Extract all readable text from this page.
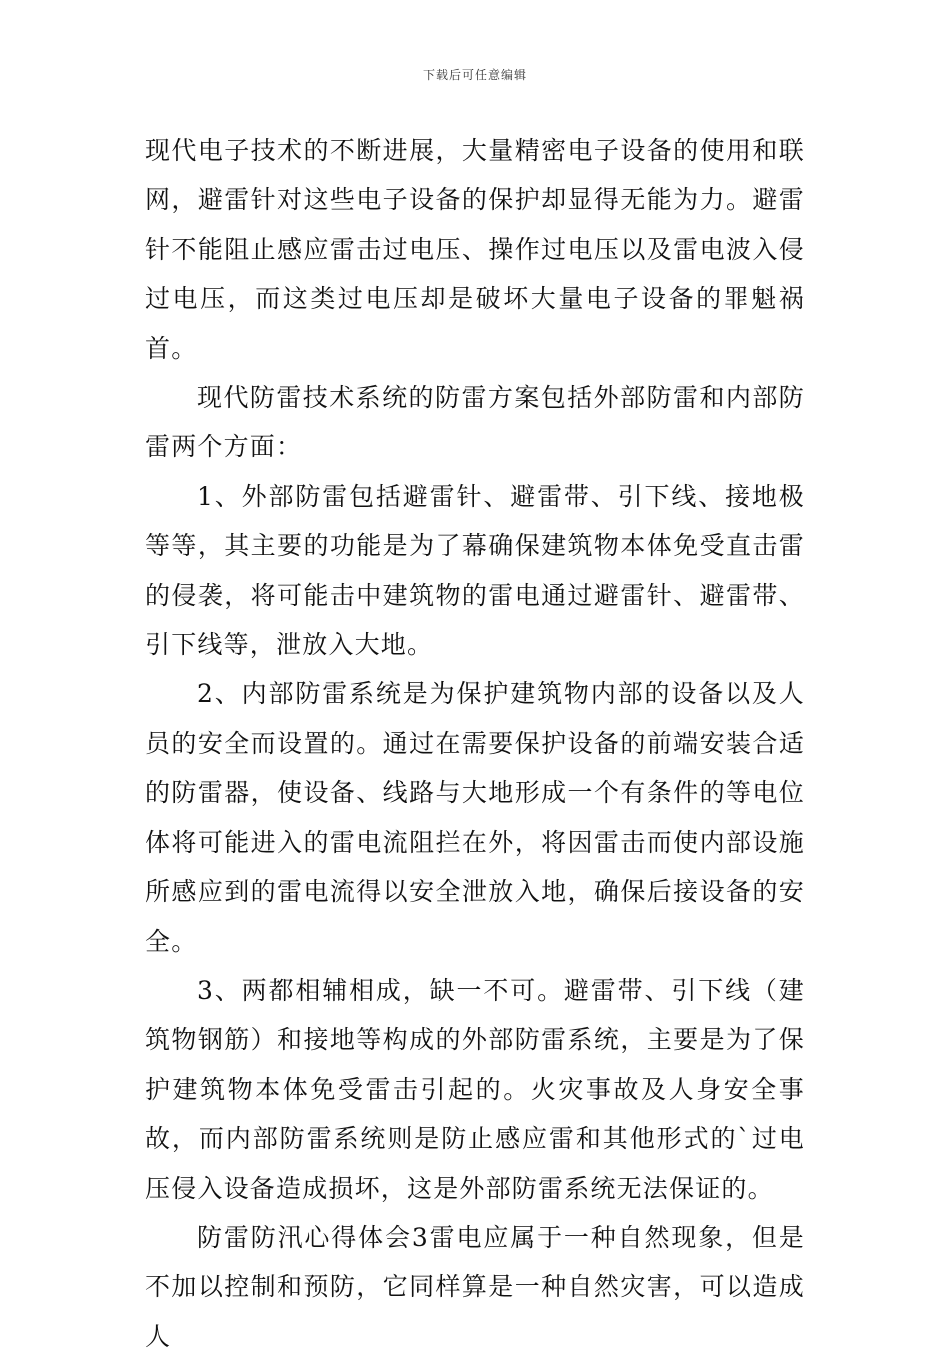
下载后可任意编辑

现代电子技术的不断进展，大量精密电子设备的使用和联网，避雷针对这些电子设备的保护却显得无能为力。避雷针不能阻止感应雷击过电压、操作过电压以及雷电波入侵过电压，而这类过电压却是破坏大量电子设备的罪魁祸首。

现代防雷技术系统的防雷方案包括外部防雷和内部防雷两个方面：

1、外部防雷包括避雷针、避雷带、引下线、接地极等等，其主要的功能是为了幕确保建筑物本体免受直击雷的侵袭，将可能击中建筑物的雷电通过避雷针、避雷带、引下线等，泄放入大地。

2、内部防雷系统是为保护建筑物内部的设备以及人员的安全而设置的。通过在需要保护设备的前端安装合适的防雷器，使设备、线路与大地形成一个有条件的等电位体将可能进入的雷电流阻拦在外，将因雷击而使内部设施所感应到的雷电流得以安全泄放入地，确保后接设备的安全。

3、两都相辅相成，缺一不可。避雷带、引下线（建筑物钢筋）和接地等构成的外部防雷系统，主要是为了保护建筑物本体免受雷击引起的。火灾事故及人身安全事故，而内部防雷系统则是防止感应雷和其他形式的`过电压侵入设备造成损坏，这是外部防雷系统无法保证的。

防雷防汛心得体会3雷电应属于一种自然现象，但是不加以控制和预防，它同样算是一种自然灾害，可以造成人
